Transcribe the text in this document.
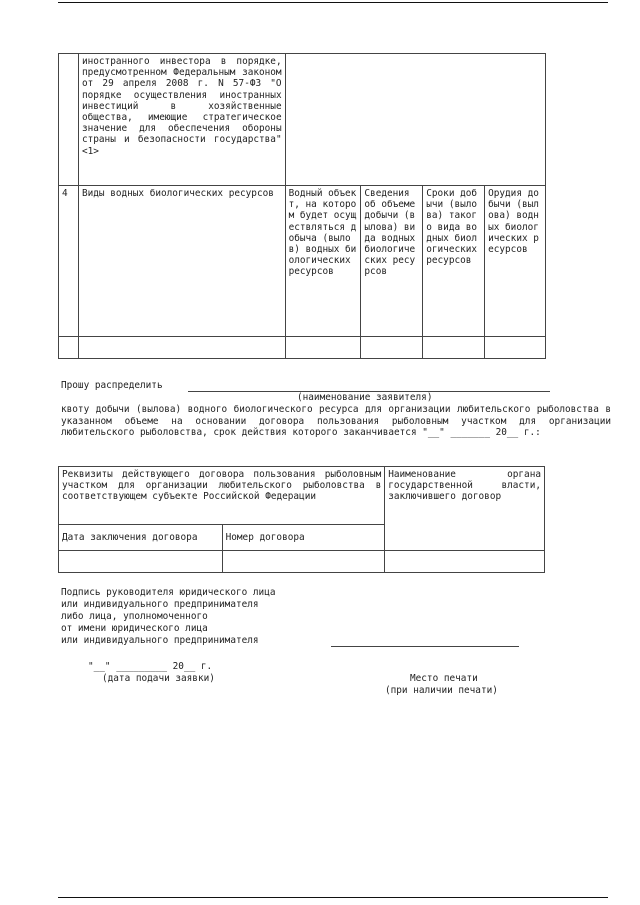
	иностранного инвестора в порядке, предусмотренном Федеральным законом от 29 апреля 2008 г. N 57-ФЗ "О порядке осуществления иностранных инвестиций в хозяйственные общества, имеющие стратегическое значение для обеспечения обороны страны и безопасности государства" <1>				
4	Виды водных биологических ресурсов	Водный объект, на котором будет осуществляться добыча (вылов) водных биологических ресурсов	Сведения об объеме добычи (вылова) вида водных биологических ресурсов	Сроки добычи (вылова) такого вида водных биологических ресурсов	Орудия добычи (вылова) водных биологических ресурсов

Прошу распределить
(наименование заявителя)
квоту добычи (вылова) водного биологического ресурса для организации любительского рыболовства в указанном объеме на основании договора пользования рыболовным участком для организации любительского рыболовства, срок действия которого заканчивается "__" _______ 20__ г.:
Реквизиты действующего договора пользования рыболовным участком для организации любительского рыболовства в соответствующем субъекте Российской Федерации		Наименование органа государственной власти, заключившего договор
Дата заключения договора	Номер договора	

Подпись руководителя юридического лица
или индивидуального предпринимателя
либо лица, уполномоченного
от имени юридического лица
или индивидуального предпринимателя
"__" _________ 20__ г.
(дата подачи заявки)	Место печати
(при наличии печати)
